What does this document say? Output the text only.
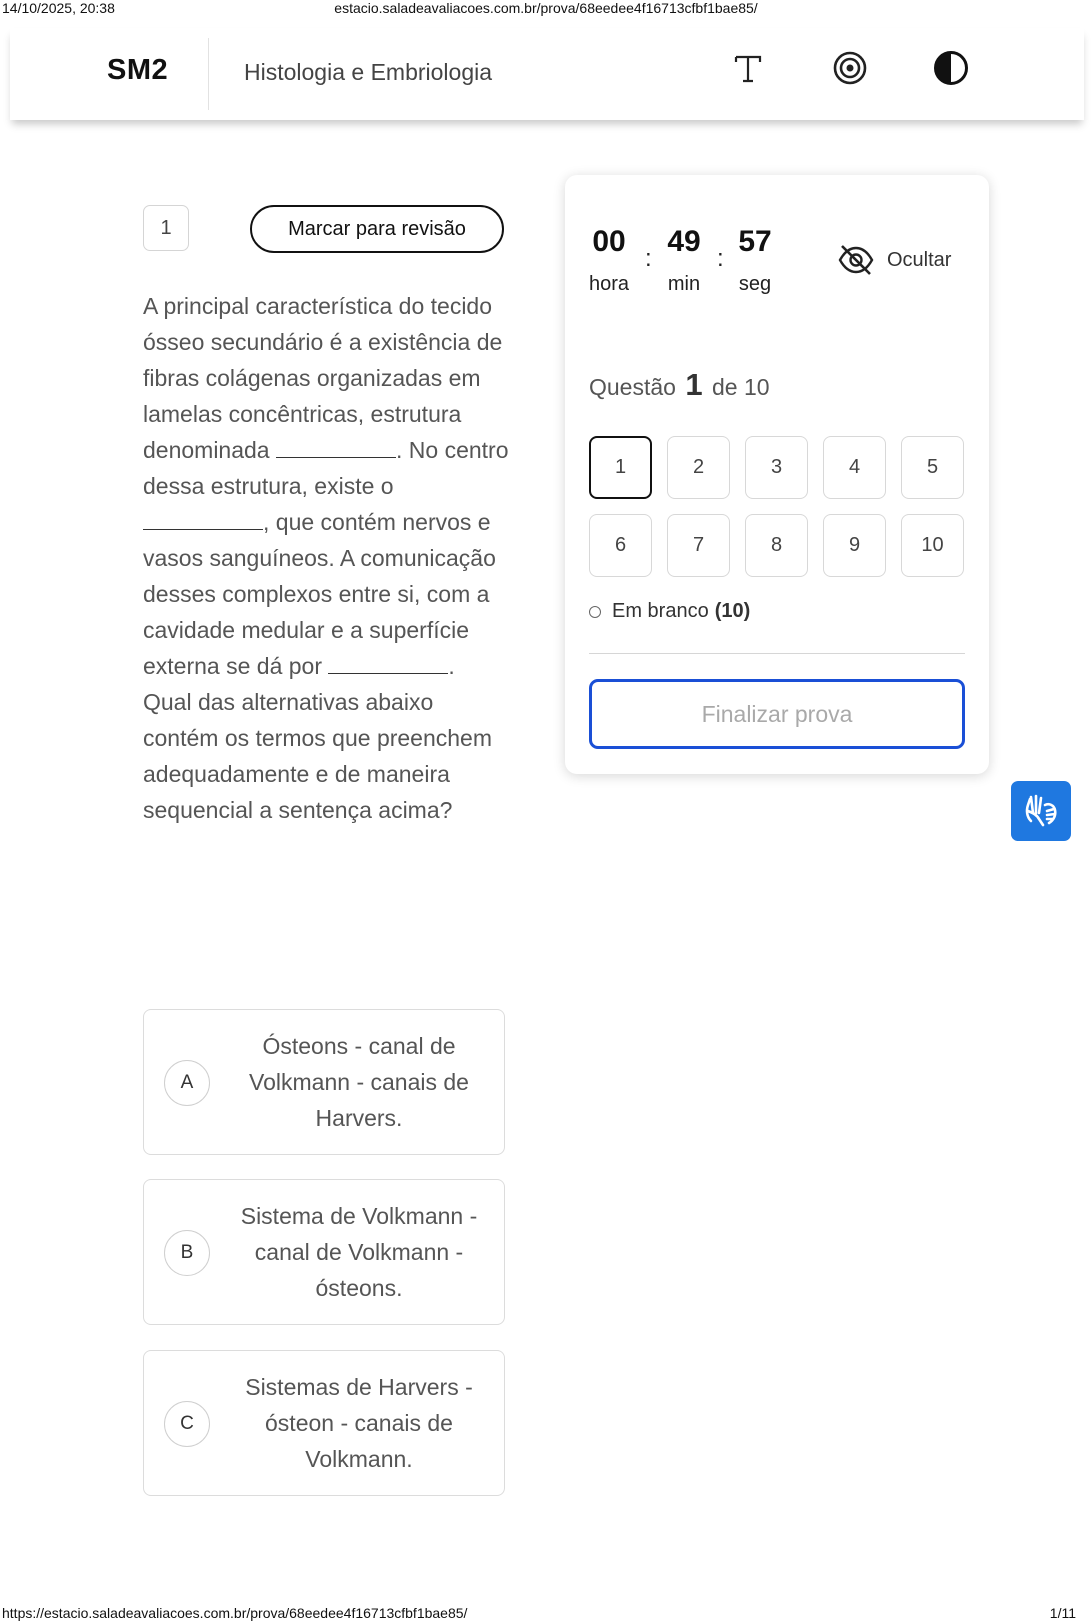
14/10/2025, 20:38	estacio.saladeavaliacoes.com.br/prova/68eedee4f16713cfbf1bae85/
SM2	Histologia e Embriologia
1	Marcar para revisão

A principal característica do tecido ósseo secundário é a existência de fibras colágenas organizadas em lamelas concêntricas, estrutura denominada	. No centro dessa estrutura, existe o , que contém nervos e vasos sanguíneos. A comunicação desses complexos entre si, com a cavidade medular e a superfície externa se dá por	.

Qual das alternativas abaixo contém os termos que preenchem adequadamente e de maneira sequencial a sentença acima?

A
Ósteons - canal de Volkmann - canais de Harvers.
B
Sistema de Volkmann - canal de Volkmann - ósteons.
C
Sistemas de Harvers - ósteon - canais de Volkmann.
00
hora
:
49
min
:
57
seg
Ocultar
Questão 1 de 10
1	2	3	4	5
6	7	8	9	10
Em branco (10)
Finalizar prova
https://estacio.saladeavaliacoes.com.br/prova/68eedee4f16713cfbf1bae85/	1/11
